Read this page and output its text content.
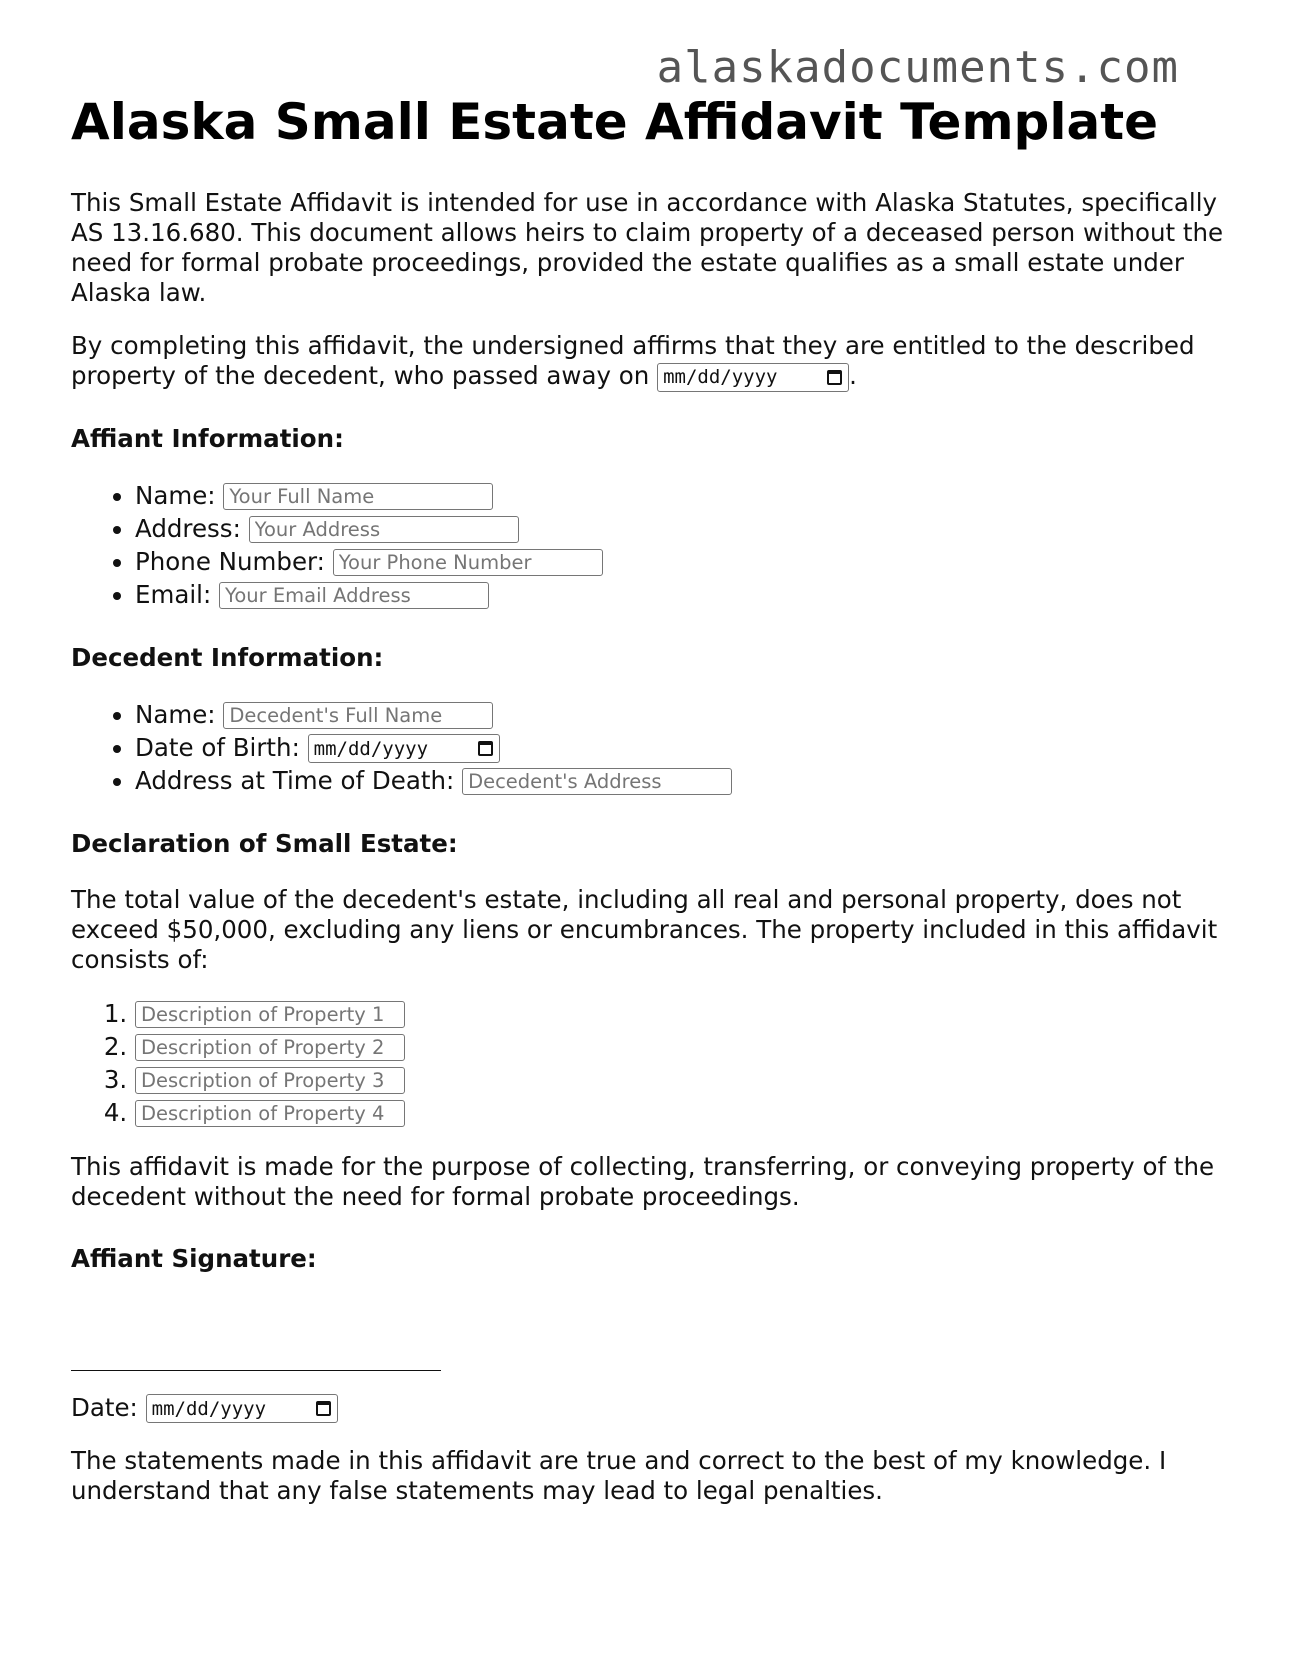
alaskadocuments.com
Alaska Small Estate Affidavit Template

This Small Estate Affidavit is intended for use in accordance with Alaska Statutes, specifically AS 13.16.680. This document allows heirs to claim property of a deceased person without the need for formal probate proceedings, provided the estate qualifies as a small estate under Alaska law.

By completing this affidavit, the undersigned affirms that they are entitled to the described property of the decedent, who passed away on mm/dd/yyyy	.

Affiant Information:
• Name: Your Full Name
• Address: Your Address
• Phone Number: Your Phone Number
• Email: Your Email Address
Decedent Information:
• Name: Decedent's Full Name
• Date of Birth: mm/dd/yyyy
• Address at Time of Death: Decedent's Address
Declaration of Small Estate:

The total value of the decedent's estate, including all real and personal property, does not exceed $50,000, excluding any liens or encumbrances. The property included in this affidavit consists of:

1. Description of Property 1
2. Description of Property 2
3. Description of Property 3
4. Description of Property 4

This affidavit is made for the purpose of collecting, transferring, or conveying property of the decedent without the need for formal probate proceedings.

Affiant Signature:

Date: mm/dd/yyyy

The statements made in this affidavit are true and correct to the best of my knowledge. I understand that any false statements may lead to legal penalties.
